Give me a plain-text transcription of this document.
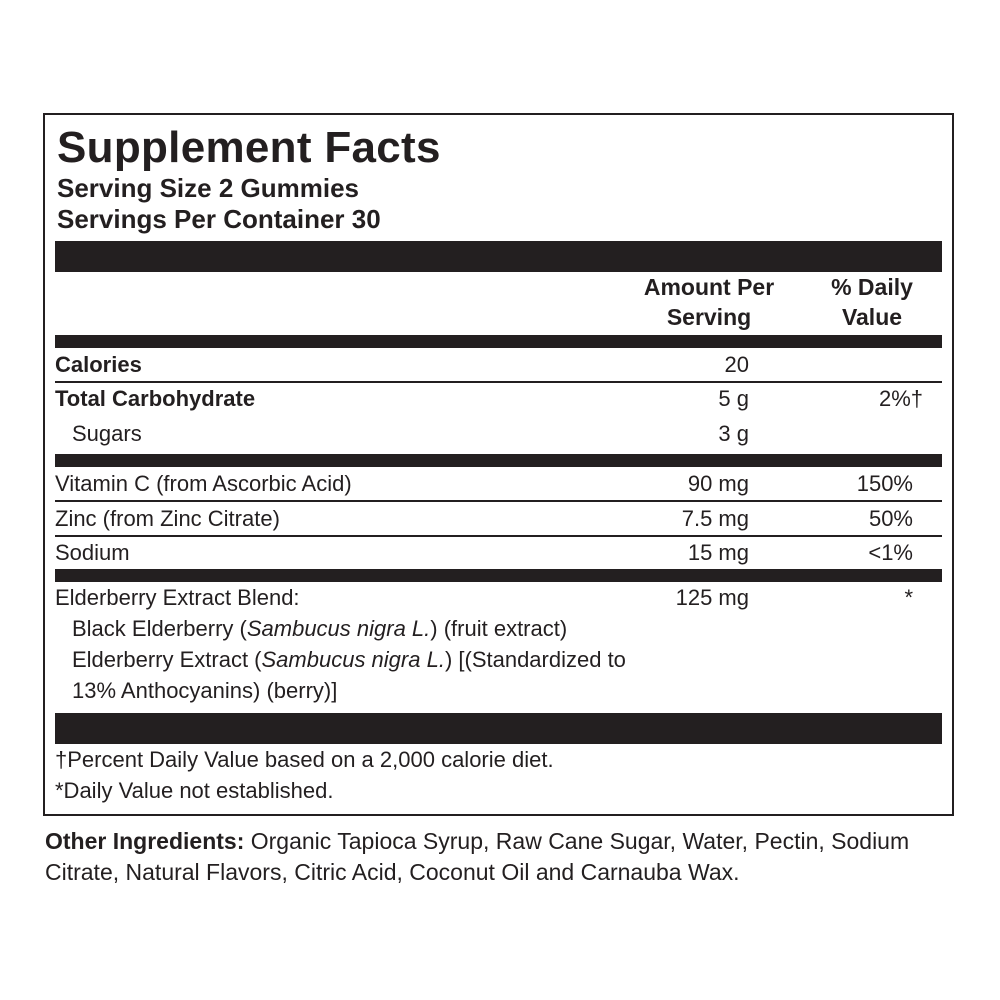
Supplement Facts
Serving Size 2 Gummies
Servings Per Container 30
Amount Per
Serving
% Daily
Value
Calories	20
Total Carbohydrate	5 g	2%†
Sugars	3 g
Vitamin C (from Ascorbic Acid)	90 mg	150%
Zinc (from Zinc Citrate)	7.5 mg	50%
Sodium	15 mg	<1%
Elderberry Extract Blend:	125 mg	*
Black Elderberry (Sambucus nigra L.) (fruit extract)
Elderberry Extract (Sambucus nigra L.) [(Standardized to
13% Anthocyanins) (berry)]
†Percent Daily Value based on a 2,000 calorie diet.
*Daily Value not established.
Other Ingredients: Organic Tapioca Syrup, Raw Cane Sugar, Water, Pectin, Sodium Citrate, Natural Flavors, Citric Acid, Coconut Oil and Carnauba Wax.
